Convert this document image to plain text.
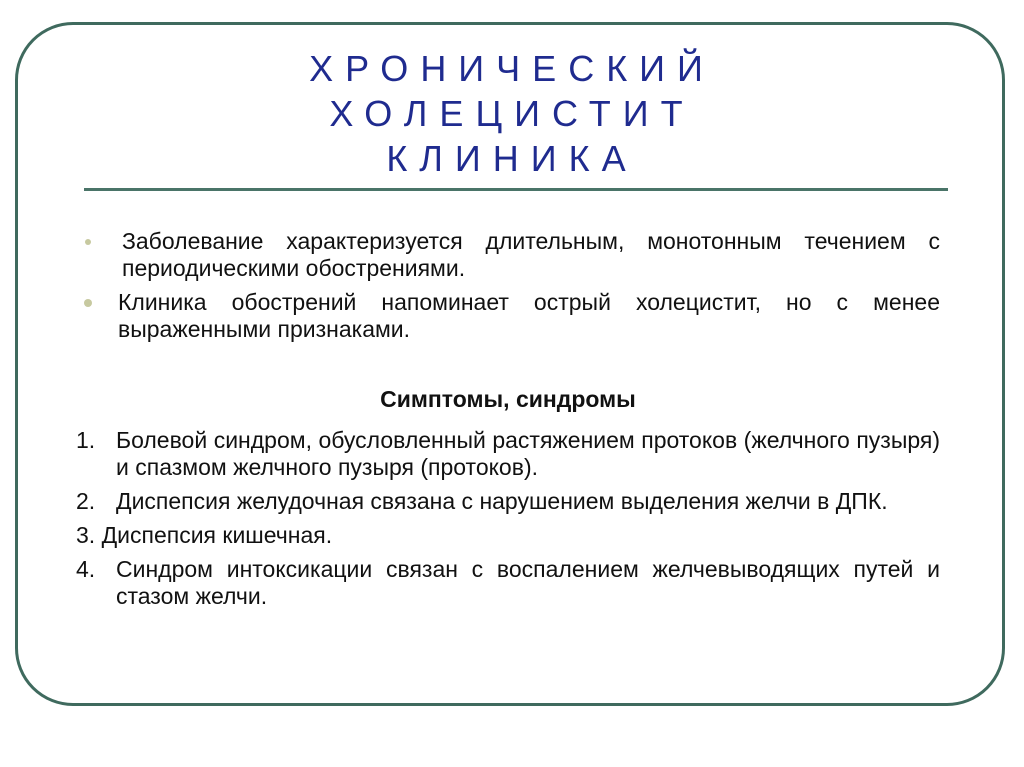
ХРОНИЧЕСКИЙ
ХОЛЕЦИСТИТ
КЛИНИКА
Заболевание характеризуется длительным, монотонным течением с периодическими обострениями.
Клиника обострений напоминает острый холецистит, но с менее выраженными признаками.
Симптомы, синдромы
1. Болевой синдром, обусловленный растяжением протоков (желчного пузыря) и спазмом желчного пузыря (протоков).
2. Диспепсия желудочная связана с нарушением выделения желчи в ДПК.
3. Диспепсия кишечная.
4. Синдром интоксикации связан с воспалением желчевыводящих путей и стазом желчи.
